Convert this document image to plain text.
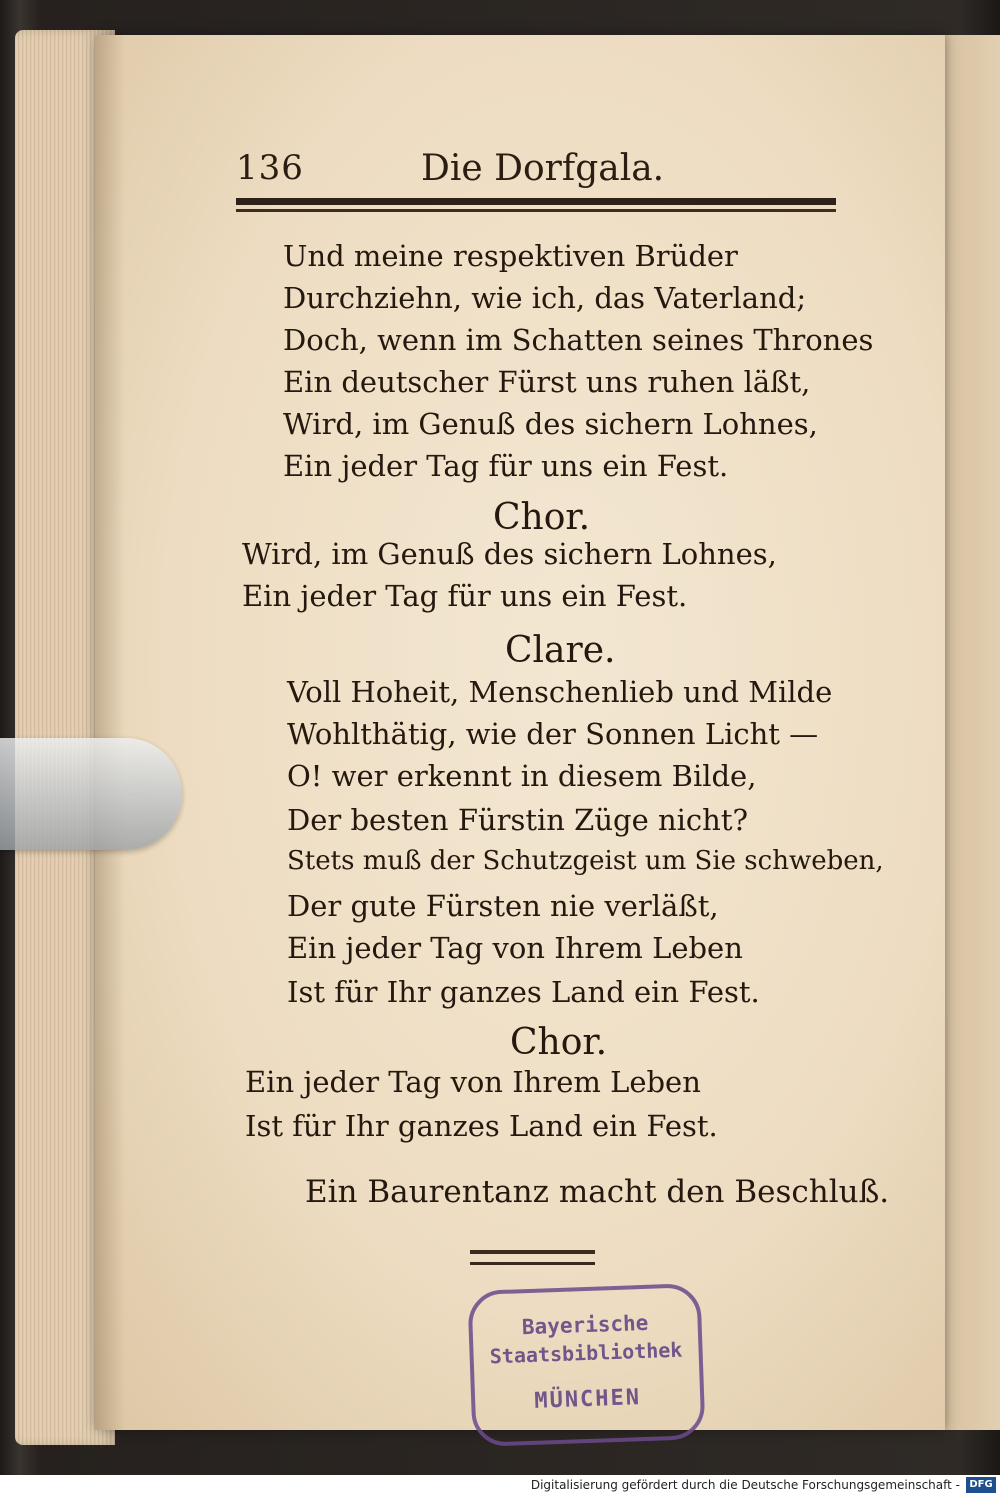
136	Die Dorfgala.
Und meine respektiven Brüder
Durchziehn, wie ich, das Vaterland;
Doch, wenn im Schatten seines Thrones
Ein deutscher Fürst uns ruhen läßt,
Wird, im Genuß des sichern Lohnes,
Ein jeder Tag für uns ein Fest.
Chor.
Wird, im Genuß des sichern Lohnes,
Ein jeder Tag für uns ein Fest.
Clare.
Voll Hoheit, Menschenlieb und Milde
Wohlthätig, wie der Sonnen Licht —
O! wer erkennt in diesem Bilde,
Der besten Fürstin Züge nicht?
Stets muß der Schutzgeist um Sie schweben,
Der gute Fürsten nie verläßt,
Ein jeder Tag von Ihrem Leben
Ist für Ihr ganzes Land ein Fest.
Chor.
Ein jeder Tag von Ihrem Leben
Ist für Ihr ganzes Land ein Fest.
Ein Baurentanz macht den Beschluß.
Bayerische
Staatsbibliothek
MÜNCHEN
Digitalisierung gefördert durch die Deutsche Forschungsgemeinschaft - DFG
